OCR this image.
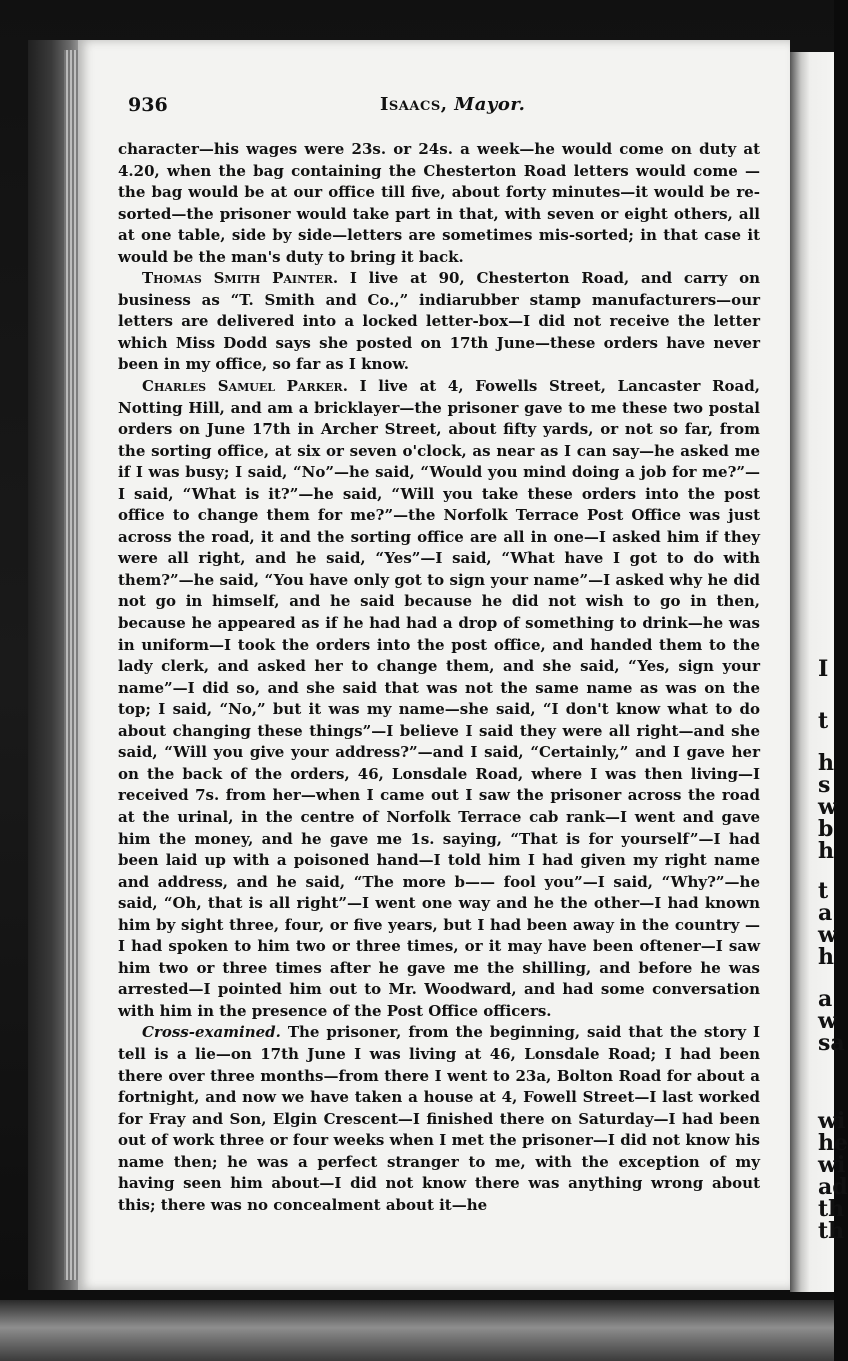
936	Isaacs, Mayor.

character—his wages were 23s. or 24s. a week—he would come on duty at 4.20, when the bag containing the Chesterton Road letters would come —the bag would be at our office till five, about forty minutes—it would be re-sorted—the prisoner would take part in that, with seven or eight others, all at one table, side by side—letters are sometimes mis-sorted; in that case it would be the man's duty to bring it back.

Thomas Smith Painter. I live at 90, Chesterton Road, and carry on business as “T. Smith and Co.,” indiarubber stamp manufacturers—our letters are delivered into a locked letter-box—I did not receive the letter which Miss Dodd says she posted on 17th June—these orders have never been in my office, so far as I know.

Charles Samuel Parker. I live at 4, Fowells Street, Lancaster Road, Notting Hill, and am a bricklayer—the prisoner gave to me these two postal orders on June 17th in Archer Street, about fifty yards, or not so far, from the sorting office, at six or seven o'clock, as near as I can say—he asked me if I was busy; I said, “No”—he said, “Would you mind doing a job for me?”—I said, “What is it?”—he said, “Will you take these orders into the post office to change them for me?”—the Norfolk Terrace Post Office was just across the road, it and the sorting office are all in one—I asked him if they were all right, and he said, “Yes”—I said, “What have I got to do with them?”—he said, “You have only got to sign your name”—I asked why he did not go in himself, and he said because he did not wish to go in then, because he appeared as if he had had a drop of something to drink—he was in uniform—I took the orders into the post office, and handed them to the lady clerk, and asked her to change them, and she said, “Yes, sign your name”—I did so, and she said that was not the same name as was on the top; I said, “No,” but it was my name—she said, “I don't know what to do about changing these things”—I believe I said they were all right—and she said, “Will you give your address?”—and I said, “Certainly,” and I gave her on the back of the orders, 46, Lonsdale Road, where I was then living—I received 7s. from her—when I came out I saw the prisoner across the road at the urinal, in the centre of Norfolk Terrace cab rank—I went and gave him the money, and he gave me 1s. saying, “That is for yourself”—I had been laid up with a poisoned hand—I told him I had given my right name and address, and he said, “The more b—— fool you”—I said, “Why?”—he said, “Oh, that is all right”—I went one way and he the other—I had known him by sight three, four, or five years, but I had been away in the country —I had spoken to him two or three times, or it may have been oftener—I saw him two or three times after he gave me the shilling, and before he was arrested—I pointed him out to Mr. Woodward, and had some conversation with him in the presence of the Post Office officers.

Cross-examined. The prisoner, from the beginning, said that the story I tell is a lie—on 17th June I was living at 46, Lonsdale Road; I had been there over three months—from there I went to 23a, Bolton Road for about a fortnight, and now we have taken a house at 4, Fowell Street—I last worked for Fray and Son, Elgin Crescent—I finished there on Saturday—I had been out of work three or four weeks when I met the prisoner—I did not know his name then; he was a perfect stranger to me, with the exception of my having seen him about—I did not know there was anything wrong about this; there was no concealment about it—he

I
t
h
s
w
b
h
t
a
w
h
a
w
sa
wi
he
wi
ad
th
th
